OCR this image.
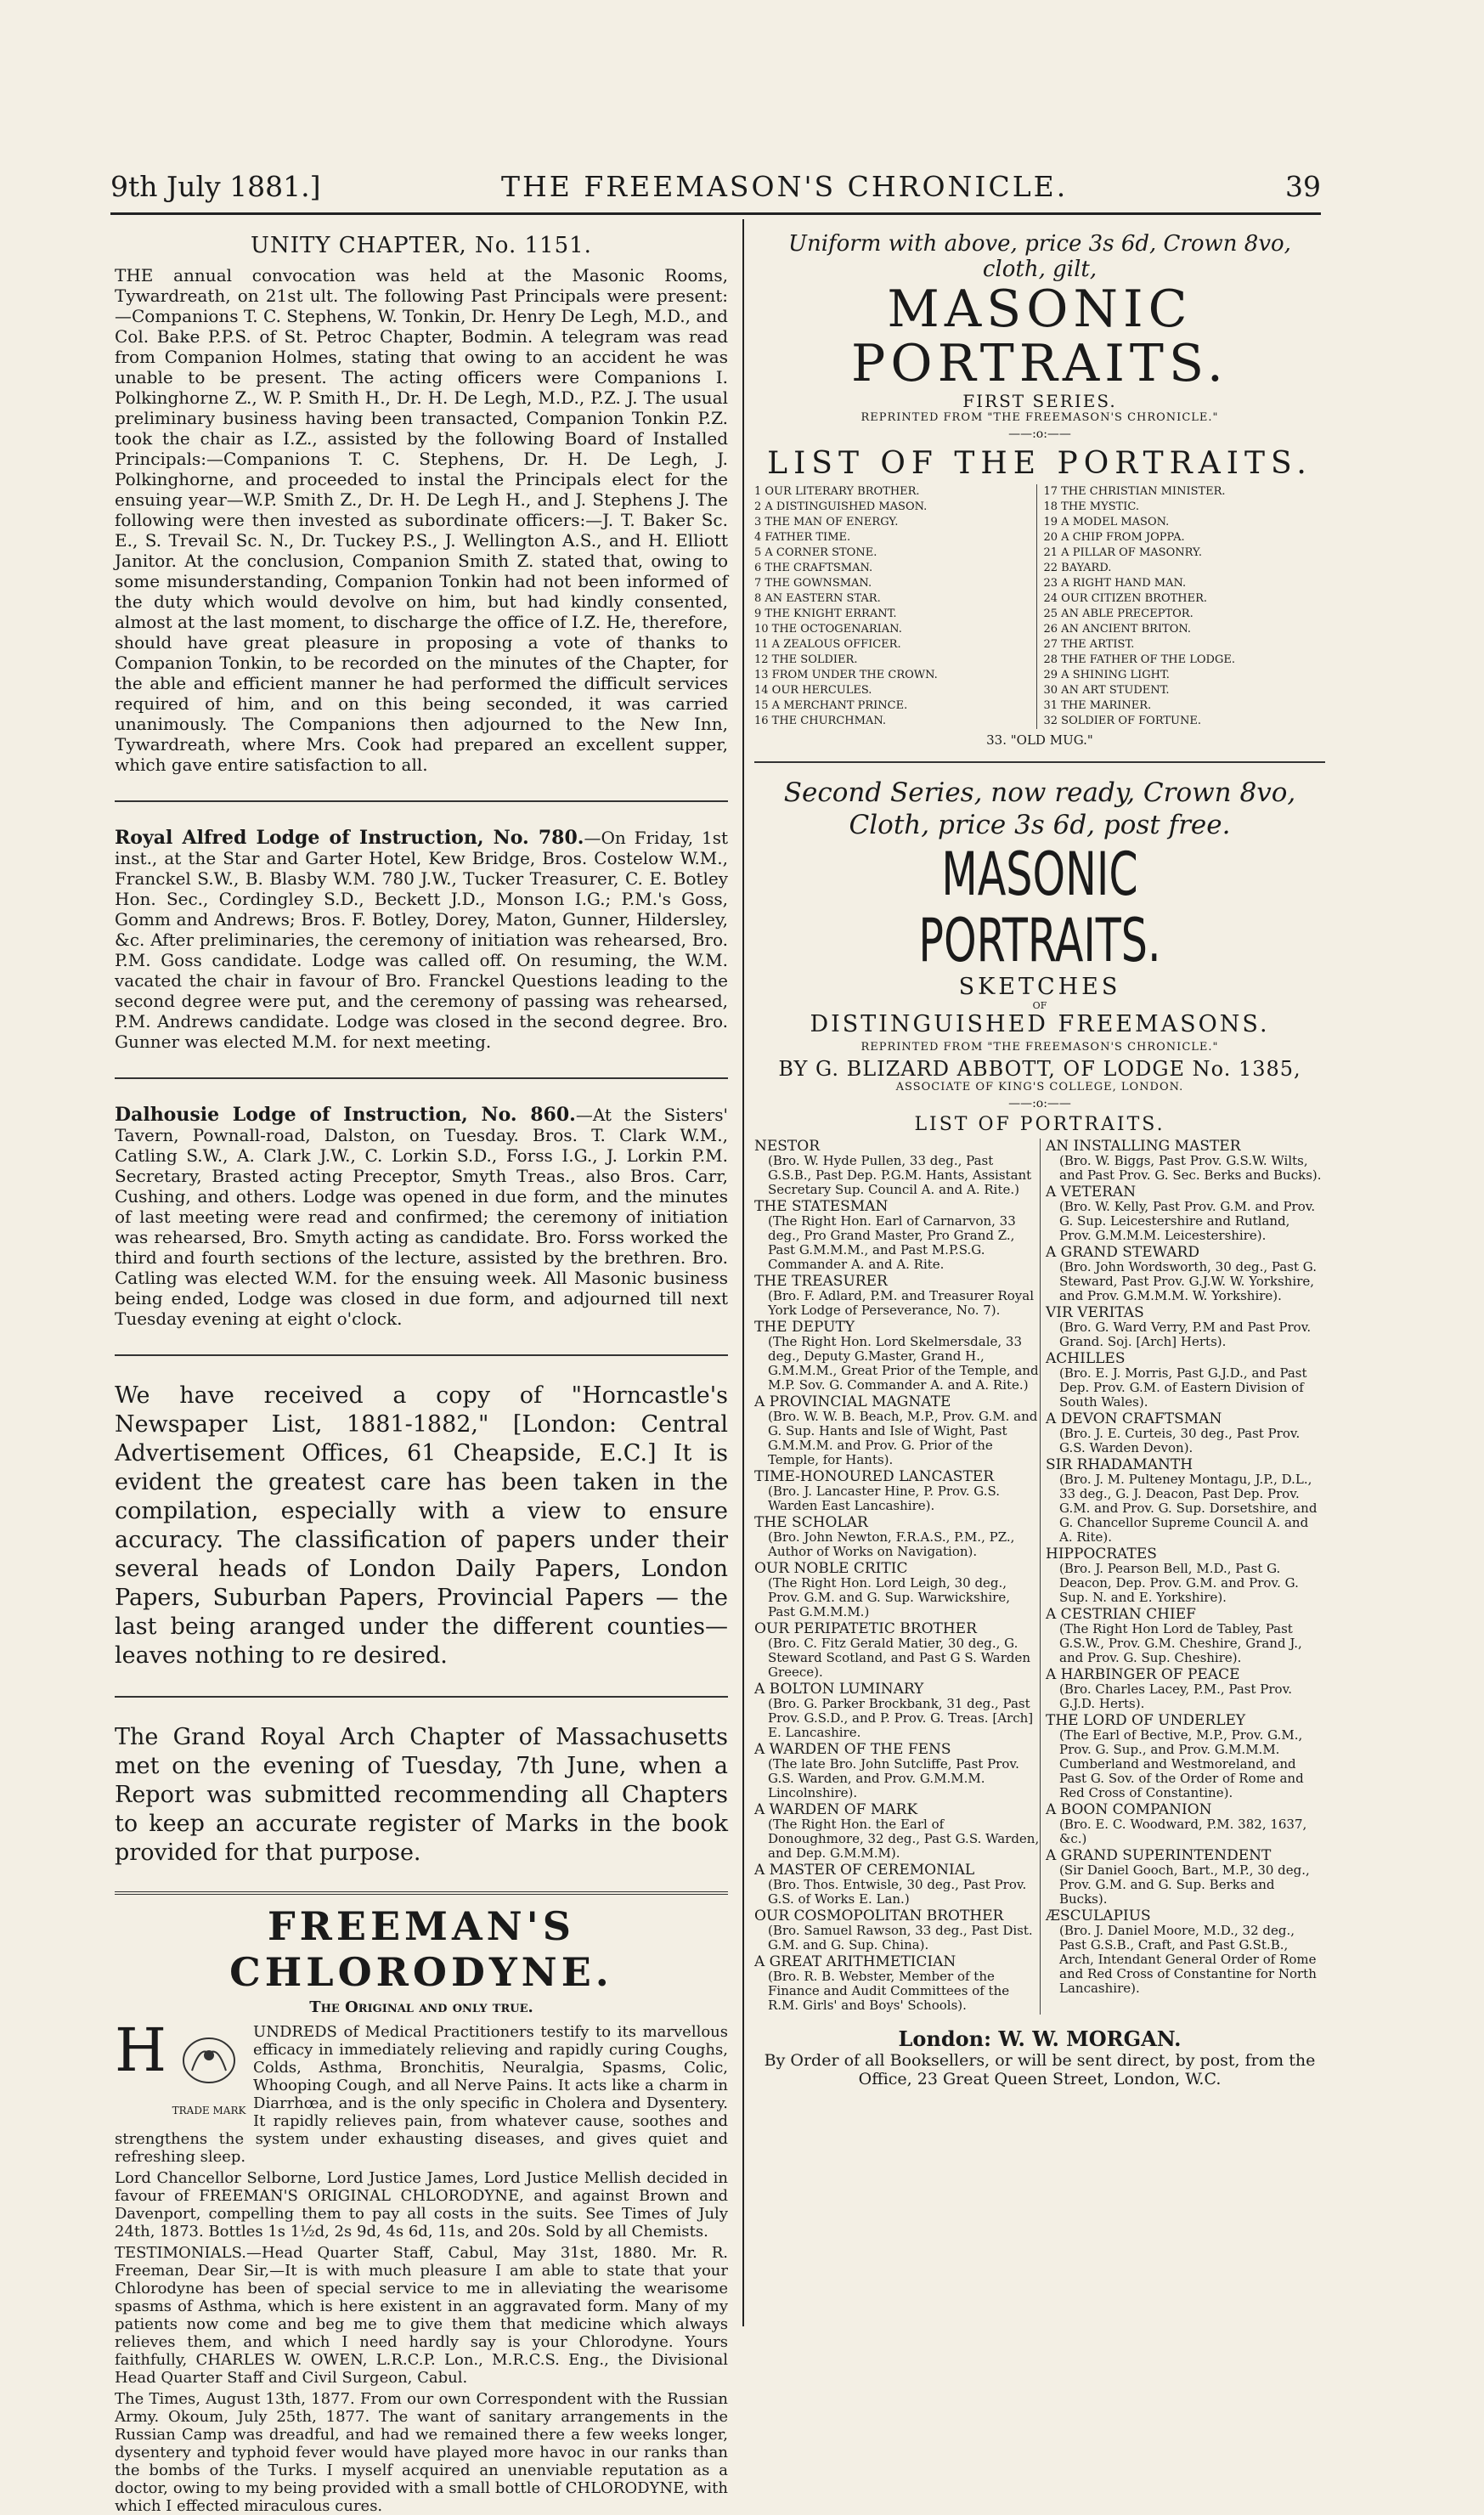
9th July 1881.]	THE FREEMASON'S CHRONICLE.	39
UNITY CHAPTER, No. 1151.

THE annual convocation was held at the Masonic Rooms, Tywardreath, on 21st ult. The following Past Principals were present:—Companions T. C. Stephens, W. Tonkin, Dr. Henry De Legh, M.D., and Col. Bake P.P.S. of St. Petroc Chapter, Bodmin. A telegram was read from Companion Holmes, stating that owing to an accident he was unable to be present. The acting officers were Companions I. Polkinghorne Z., W. P. Smith H., Dr. H. De Legh, M.D., P.Z. J. The usual preliminary business having been transacted, Companion Tonkin P.Z. took the chair as I.Z., assisted by the following Board of Installed Principals:—Companions T. C. Stephens, Dr. H. De Legh, J. Polkinghorne, and proceeded to instal the Principals elect for the ensuing year—W.P. Smith Z., Dr. H. De Legh H., and J. Stephens J. The following were then invested as subordinate officers:—J. T. Baker Sc. E., S. Trevail Sc. N., Dr. Tuckey P.S., J. Wellington A.S., and H. Elliott Janitor. At the conclusion, Companion Smith Z. stated that, owing to some misunderstanding, Companion Tonkin had not been informed of the duty which would devolve on him, but had kindly consented, almost at the last moment, to discharge the office of I.Z. He, therefore, should have great pleasure in proposing a vote of thanks to Companion Tonkin, to be recorded on the minutes of the Chapter, for the able and efficient manner he had performed the difficult services required of him, and on this being seconded, it was carried unanimously. The Companions then adjourned to the New Inn, Tywardreath, where Mrs. Cook had prepared an excellent supper, which gave entire satisfaction to all.

Royal Alfred Lodge of Instruction, No. 780.—On Friday, 1st inst., at the Star and Garter Hotel, Kew Bridge, Bros. Costelow W.M., Franckel S.W., B. Blasby W.M. 780 J.W., Tucker Treasurer, C. E. Botley Hon. Sec., Cordingley S.D., Beckett J.D., Monson I.G.; P.M.'s Goss, Gomm and Andrews; Bros. F. Botley, Dorey, Maton, Gunner, Hildersley, &c. After preliminaries, the ceremony of initiation was rehearsed, Bro. P.M. Goss candidate. Lodge was called off. On resuming, the W.M. vacated the chair in favour of Bro. Franckel Questions leading to the second degree were put, and the ceremony of passing was rehearsed, P.M. Andrews candidate. Lodge was closed in the second degree. Bro. Gunner was elected M.M. for next meeting.

Dalhousie Lodge of Instruction, No. 860.—At the Sisters' Tavern, Pownall-road, Dalston, on Tuesday. Bros. T. Clark W.M., Catling S.W., A. Clark J.W., C. Lorkin S.D., Forss I.G., J. Lorkin P.M. Secretary, Brasted acting Preceptor, Smyth Treas., also Bros. Carr, Cushing, and others. Lodge was opened in due form, and the minutes of last meeting were read and confirmed; the ceremony of initiation was rehearsed, Bro. Smyth acting as candidate. Bro. Forss worked the third and fourth sections of the lecture, assisted by the brethren. Bro. Catling was elected W.M. for the ensuing week. All Masonic business being ended, Lodge was closed in due form, and adjourned till next Tuesday evening at eight o'clock.

We have received a copy of "Horncastle's Newspaper List, 1881-1882," [London: Central Advertisement Offices, 61 Cheapside, E.C.] It is evident the greatest care has been taken in the compilation, especially with a view to ensure accuracy. The classification of papers under their several heads of London Daily Papers, London Papers, Suburban Papers, Provincial Papers — the last being aranged under the different counties—leaves nothing to re desired.

The Grand Royal Arch Chapter of Massachusetts met on the evening of Tuesday, 7th June, when a Report was submitted recommending all Chapters to keep an accurate register of Marks in the book provided for that purpose.

FREEMAN'S CHLORODYNE.
The Original and only true.
H
TRADE MARK
UNDREDS of Medical Practitioners testify to its marvellous efficacy in immediately relieving and rapidly curing Coughs, Colds, Asthma, Bronchitis, Neuralgia, Spasms, Colic, Whooping Cough, and all Nerve Pains. It acts like a charm in Diarrhœa, and is the only specific in Cholera and Dysentery. It rapidly relieves pain, from whatever cause, soothes and strengthens the system under exhausting diseases, and gives quiet and refreshing sleep.

Lord Chancellor Selborne, Lord Justice James, Lord Justice Mellish decided in favour of FREEMAN'S ORIGINAL CHLORODYNE, and against Brown and Davenport, compelling them to pay all costs in the suits. See Times of July 24th, 1873. Bottles 1s 1½d, 2s 9d, 4s 6d, 11s, and 20s. Sold by all Chemists.

TESTIMONIALS.—Head Quarter Staff, Cabul, May 31st, 1880. Mr. R. Freeman, Dear Sir,—It is with much pleasure I am able to state that your Chlorodyne has been of special service to me in alleviating the wearisome spasms of Asthma, which is here existent in an aggravated form. Many of my patients now come and beg me to give them that medicine which always relieves them, and which I need hardly say is your Chlorodyne. Yours faithfully, CHARLES W. OWEN, L.R.C.P. Lon., M.R.C.S. Eng., the Divisional Head Quarter Staff and Civil Surgeon, Cabul.

The Times, August 13th, 1877. From our own Correspondent with the Russian Army. Okoum, July 25th, 1877. The want of sanitary arrangements in the Russian Camp was dreadful, and had we remained there a few weeks longer, dysentery and typhoid fever would have played more havoc in our ranks than the bombs of the Turks. I myself acquired an unenviable reputation as a doctor, owing to my being provided with a small bottle of CHLORODYNE, with which I effected miraculous cures.

Uniform with above, price 3s 6d, Crown 8vo, cloth, gilt,
MASONIC PORTRAITS.
FIRST SERIES.
REPRINTED FROM "THE FREEMASON'S CHRONICLE."
——:o:——
LIST OF THE PORTRAITS.
1 OUR LITERARY BROTHER.
2 A DISTINGUISHED MASON.
3 THE MAN OF ENERGY.
4 FATHER TIME.
5 A CORNER STONE.
6 THE CRAFTSMAN.
7 THE GOWNSMAN.
8 AN EASTERN STAR.
9 THE KNIGHT ERRANT.
10 THE OCTOGENARIAN.
11 A ZEALOUS OFFICER.
12 THE SOLDIER.
13 FROM UNDER THE CROWN.
14 OUR HERCULES.
15 A MERCHANT PRINCE.
16 THE CHURCHMAN.
17 THE CHRISTIAN MINISTER.
18 THE MYSTIC.
19 A MODEL MASON.
20 A CHIP FROM JOPPA.
21 A PILLAR OF MASONRY.
22 BAYARD.
23 A RIGHT HAND MAN.
24 OUR CITIZEN BROTHER.
25 AN ABLE PRECEPTOR.
26 AN ANCIENT BRITON.
27 THE ARTIST.
28 THE FATHER OF THE LODGE.
29 A SHINING LIGHT.
30 AN ART STUDENT.
31 THE MARINER.
32 SOLDIER OF FORTUNE.
33. "OLD MUG."
Second Series, now ready, Crown 8vo, Cloth, price 3s 6d, post free.
MASONIC PORTRAITS.
SKETCHES
OF
DISTINGUISHED FREEMASONS.
REPRINTED FROM "THE FREEMASON'S CHRONICLE."
BY G. BLIZARD ABBOTT, OF LODGE No. 1385,
ASSOCIATE OF KING'S COLLEGE, LONDON.
——:o:——
LIST OF PORTRAITS.
NESTOR
(Bro. W. Hyde Pullen, 33 deg., Past G.S.B., Past Dep. P.G.M. Hants, Assistant Secretary Sup. Council A. and A. Rite.)
THE STATESMAN
(The Right Hon. Earl of Carnarvon, 33 deg., Pro Grand Master, Pro Grand Z., Past G.M.M.M., and Past M.P.S.G. Commander A. and A. Rite.
THE TREASURER
(Bro. F. Adlard, P.M. and Treasurer Royal York Lodge of Perseverance, No. 7).
THE DEPUTY
(The Right Hon. Lord Skelmersdale, 33 deg., Deputy G.Master, Grand H., G.M.M.M., Great Prior of the Temple, and M.P. Sov. G. Commander A. and A. Rite.)
A PROVINCIAL MAGNATE
(Bro. W. W. B. Beach, M.P., Prov. G.M. and G. Sup. Hants and Isle of Wight, Past G.M.M.M. and Prov. G. Prior of the Temple, for Hants).
TIME-HONOURED LANCASTER
(Bro. J. Lancaster Hine, P. Prov. G.S. Warden East Lancashire).
THE SCHOLAR
(Bro. John Newton, F.R.A.S., P.M., PZ., Author of Works on Navigation).
OUR NOBLE CRITIC
(The Right Hon. Lord Leigh, 30 deg., Prov. G.M. and G. Sup. Warwickshire, Past G.M.M.M.)
OUR PERIPATETIC BROTHER
(Bro. C. Fitz Gerald Matier, 30 deg., G. Steward Scotland, and Past G S. Warden Greece).
A BOLTON LUMINARY
(Bro. G. Parker Brockbank, 31 deg., Past Prov. G.S.D., and P. Prov. G. Treas. [Arch] E. Lancashire.
A WARDEN OF THE FENS
(The late Bro. John Sutcliffe, Past Prov. G.S. Warden, and Prov. G.M.M.M. Lincolnshire).
A WARDEN OF MARK
(The Right Hon. the Earl of Donoughmore, 32 deg., Past G.S. Warden, and Dep. G.M.M.M).
A MASTER OF CEREMONIAL
(Bro. Thos. Entwisle, 30 deg., Past Prov. G.S. of Works E. Lan.)
OUR COSMOPOLITAN BROTHER
(Bro. Samuel Rawson, 33 deg., Past Dist. G.M. and G. Sup. China).
A GREAT ARITHMETICIAN
(Bro. R. B. Webster, Member of the Finance and Audit Committees of the R.M. Girls' and Boys' Schools).
AN INSTALLING MASTER
(Bro. W. Biggs, Past Prov. G.S.W. Wilts, and Past Prov. G. Sec. Berks and Bucks).
A VETERAN
(Bro. W. Kelly, Past Prov. G.M. and Prov. G. Sup. Leicestershire and Rutland, Prov. G.M.M.M. Leicestershire).
A GRAND STEWARD
(Bro. John Wordsworth, 30 deg., Past G. Steward, Past Prov. G.J.W. W. Yorkshire, and Prov. G.M.M.M. W. Yorkshire).
VIR VERITAS
(Bro. G. Ward Verry, P.M and Past Prov. Grand. Soj. [Arch] Herts).
ACHILLES
(Bro. E. J. Morris, Past G.J.D., and Past Dep. Prov. G.M. of Eastern Division of South Wales).
A DEVON CRAFTSMAN
(Bro. J. E. Curteis, 30 deg., Past Prov. G.S. Warden Devon).
SIR RHADAMANTH
(Bro. J. M. Pulteney Montagu, J.P., D.L., 33 deg., G. J. Deacon, Past Dep. Prov. G.M. and Prov. G. Sup. Dorsetshire, and G. Chancellor Supreme Council A. and A. Rite).
HIPPOCRATES
(Bro. J. Pearson Bell, M.D., Past G. Deacon, Dep. Prov. G.M. and Prov. G. Sup. N. and E. Yorkshire).
A CESTRIAN CHIEF
(The Right Hon Lord de Tabley, Past G.S.W., Prov. G.M. Cheshire, Grand J., and Prov. G. Sup. Cheshire).
A HARBINGER OF PEACE
(Bro. Charles Lacey, P.M., Past Prov. G.J.D. Herts).
THE LORD OF UNDERLEY
(The Earl of Bective, M.P., Prov. G.M., Prov. G. Sup., and Prov. G.M.M.M. Cumberland and Westmoreland, and Past G. Sov. of the Order of Rome and Red Cross of Constantine).
A BOON COMPANION
(Bro. E. C. Woodward, P.M. 382, 1637, &c.)
A GRAND SUPERINTENDENT
(Sir Daniel Gooch, Bart., M.P., 30 deg., Prov. G.M. and G. Sup. Berks and Bucks).
ÆSCULAPIUS
(Bro. J. Daniel Moore, M.D., 32 deg., Past G.S.B., Craft, and Past G.St.B., Arch, Intendant General Order of Rome and Red Cross of Constantine for North Lancashire).
London: W. W. MORGAN.
By Order of all Booksellers, or will be sent direct, by post, from the Office, 23 Great Queen Street, London, W.C.
